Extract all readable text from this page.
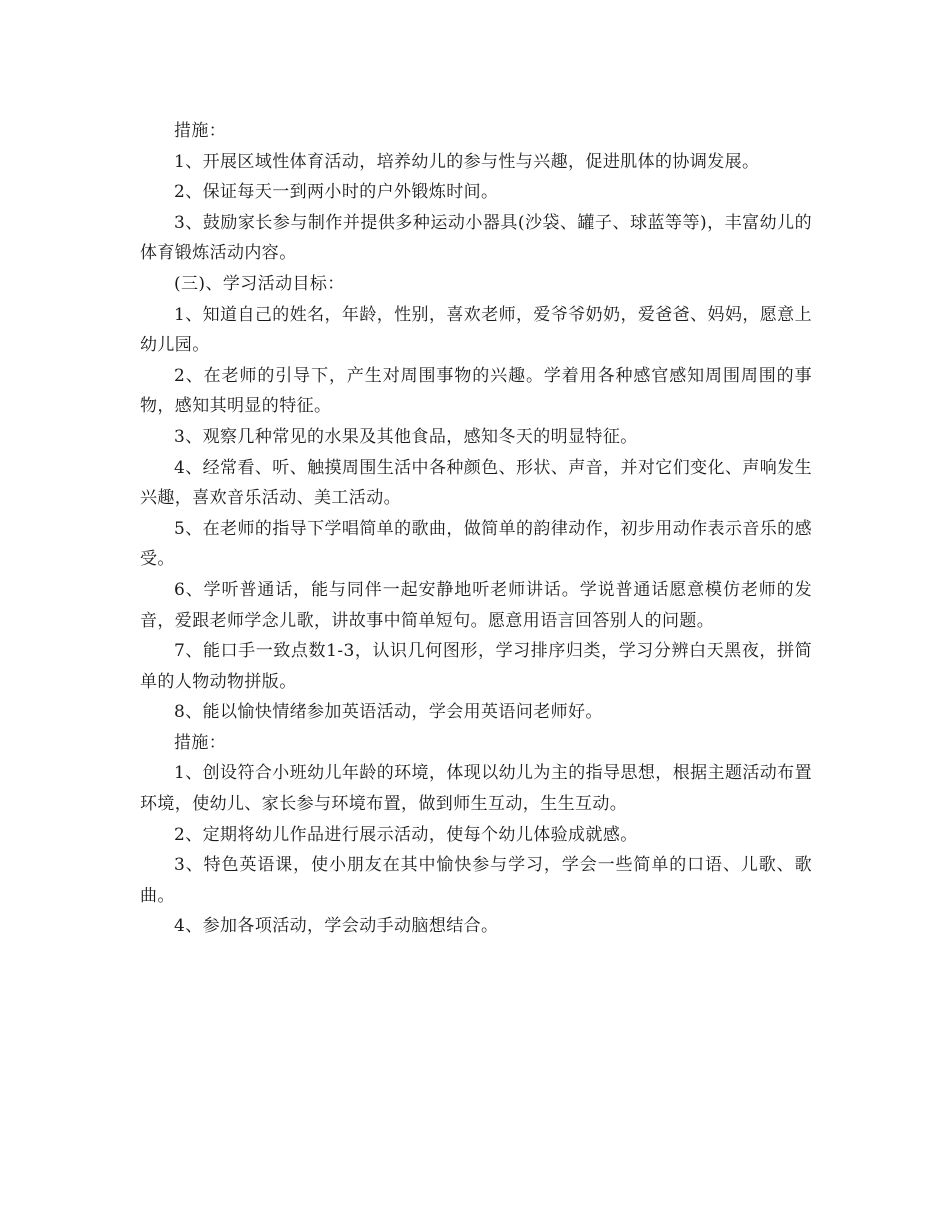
措施：

1、开展区域性体育活动，培养幼儿的参与性与兴趣，促进肌体的协调发展。

2、保证每天一到两小时的户外锻炼时间。

3、鼓励家长参与制作并提供多种运动小器具(沙袋、罐子、球蓝等等)，丰富幼儿的体育锻炼活动内容。

(三)、学习活动目标：

1、知道自己的姓名，年龄，性别，喜欢老师，爱爷爷奶奶，爱爸爸、妈妈，愿意上幼儿园。

2、在老师的引导下，产生对周围事物的兴趣。学着用各种感官感知周围周围的事物，感知其明显的特征。

3、观察几种常见的水果及其他食品，感知冬天的明显特征。

4、经常看、听、触摸周围生活中各种颜色、形状、声音，并对它们变化、声响发生兴趣，喜欢音乐活动、美工活动。

5、在老师的指导下学唱简单的歌曲，做简单的韵律动作，初步用动作表示音乐的感受。

6、学听普通话，能与同伴一起安静地听老师讲话。学说普通话愿意模仿老师的发音，爱跟老师学念儿歌，讲故事中简单短句。愿意用语言回答别人的问题。

7、能口手一致点数1-3，认识几何图形，学习排序归类，学习分辨白天黑夜，拼简单的人物动物拼版。

8、能以愉快情绪参加英语活动，学会用英语问老师好。

措施：

1、创设符合小班幼儿年龄的环境，体现以幼儿为主的指导思想，根据主题活动布置环境，使幼儿、家长参与环境布置，做到师生互动，生生互动。

2、定期将幼儿作品进行展示活动，使每个幼儿体验成就感。

3、特色英语课，使小朋友在其中愉快参与学习，学会一些简单的口语、儿歌、歌曲。

4、参加各项活动，学会动手动脑想结合。
